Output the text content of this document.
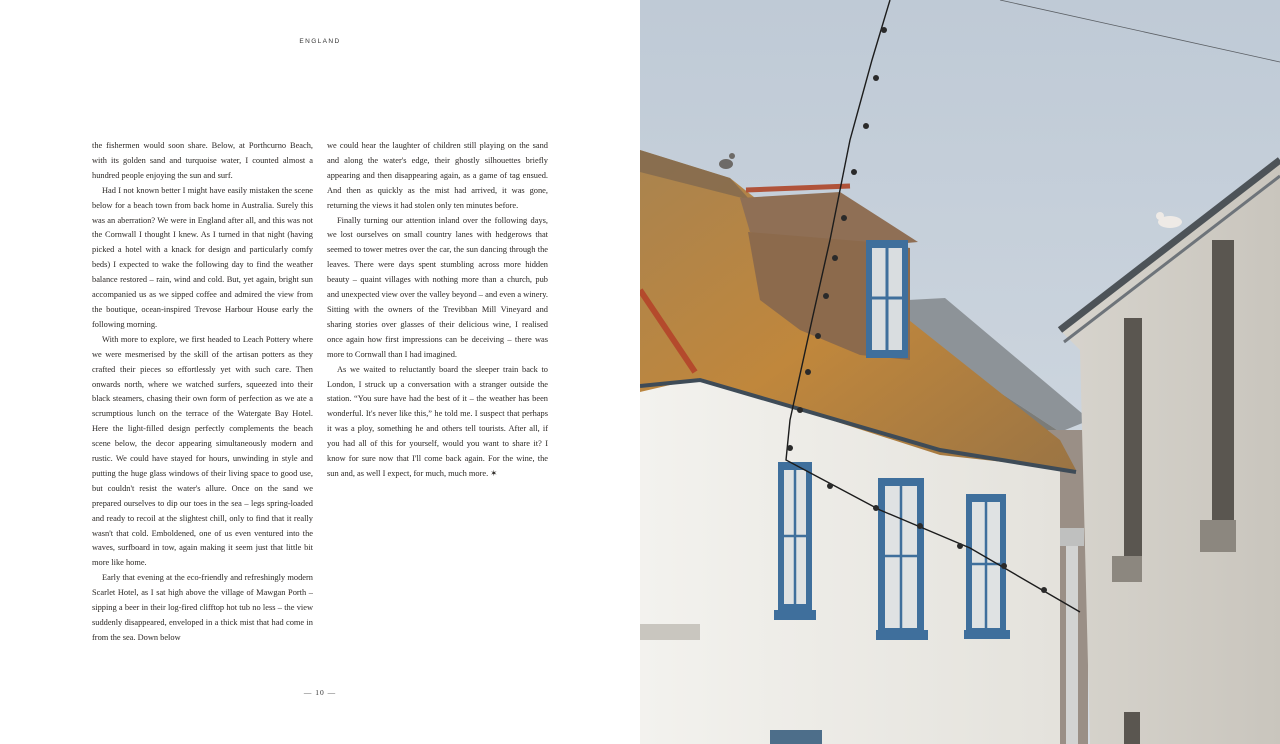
ENGLAND

the fishermen would soon share. Below, at Porthcurno Beach, with its golden sand and turquoise water, I counted almost a hundred people enjoying the sun and surf.

Had I not known better I might have easily mistaken the scene below for a beach town from back home in Australia. Surely this was an aberration? We were in England after all, and this was not the Cornwall I thought I knew. As I turned in that night (having picked a hotel with a knack for design and particularly comfy beds) I expected to wake the following day to find the weather balance restored – rain, wind and cold. But, yet again, bright sun accompanied us as we sipped coffee and admired the view from the boutique, ocean-inspired Trevose Harbour House early the following morning.

With more to explore, we first headed to Leach Pottery where we were mesmerised by the skill of the artisan potters as they crafted their pieces so effortlessly yet with such care. Then onwards north, where we watched surfers, squeezed into their black steamers, chasing their own form of perfection as we ate a scrumptious lunch on the terrace of the Watergate Bay Hotel. Here the light-filled design perfectly complements the beach scene below, the decor appearing simultaneously modern and rustic. We could have stayed for hours, unwinding in style and putting the huge glass windows of their living space to good use, but couldn't resist the water's allure. Once on the sand we prepared ourselves to dip our toes in the sea – legs spring-loaded and ready to recoil at the slightest chill, only to find that it really wasn't that cold. Emboldened, one of us even ventured into the waves, surfboard in tow, again making it seem just that little bit more like home.

Early that evening at the eco-friendly and refreshingly modern Scarlet Hotel, as I sat high above the village of Mawgan Porth – sipping a beer in their log-fired clifftop hot tub no less – the view suddenly disappeared, enveloped in a thick mist that had come in from the sea. Down below

we could hear the laughter of children still playing on the sand and along the water's edge, their ghostly silhouettes briefly appearing and then disappearing again, as a game of tag ensued. And then as quickly as the mist had arrived, it was gone, returning the views it had stolen only ten minutes before.

Finally turning our attention inland over the following days, we lost ourselves on small country lanes with hedgerows that seemed to tower metres over the car, the sun dancing through the leaves. There were days spent stumbling across more hidden beauty – quaint villages with nothing more than a church, pub and unexpected view over the valley beyond – and even a winery. Sitting with the owners of the Trevibban Mill Vineyard and sharing stories over glasses of their delicious wine, I realised once again how first impressions can be deceiving – there was more to Cornwall than I had imagined.

As we waited to reluctantly board the sleeper train back to London, I struck up a conversation with a stranger outside the station. “You sure have had the best of it – the weather has been wonderful. It's never like this,” he told me. I suspect that perhaps it was a ploy, something he and others tell tourists. After all, if you had all of this for yourself, would you want to share it? I know for sure now that I'll come back again. For the wine, the sun and, as well I expect, for much, much more. ✶

— 10 —
